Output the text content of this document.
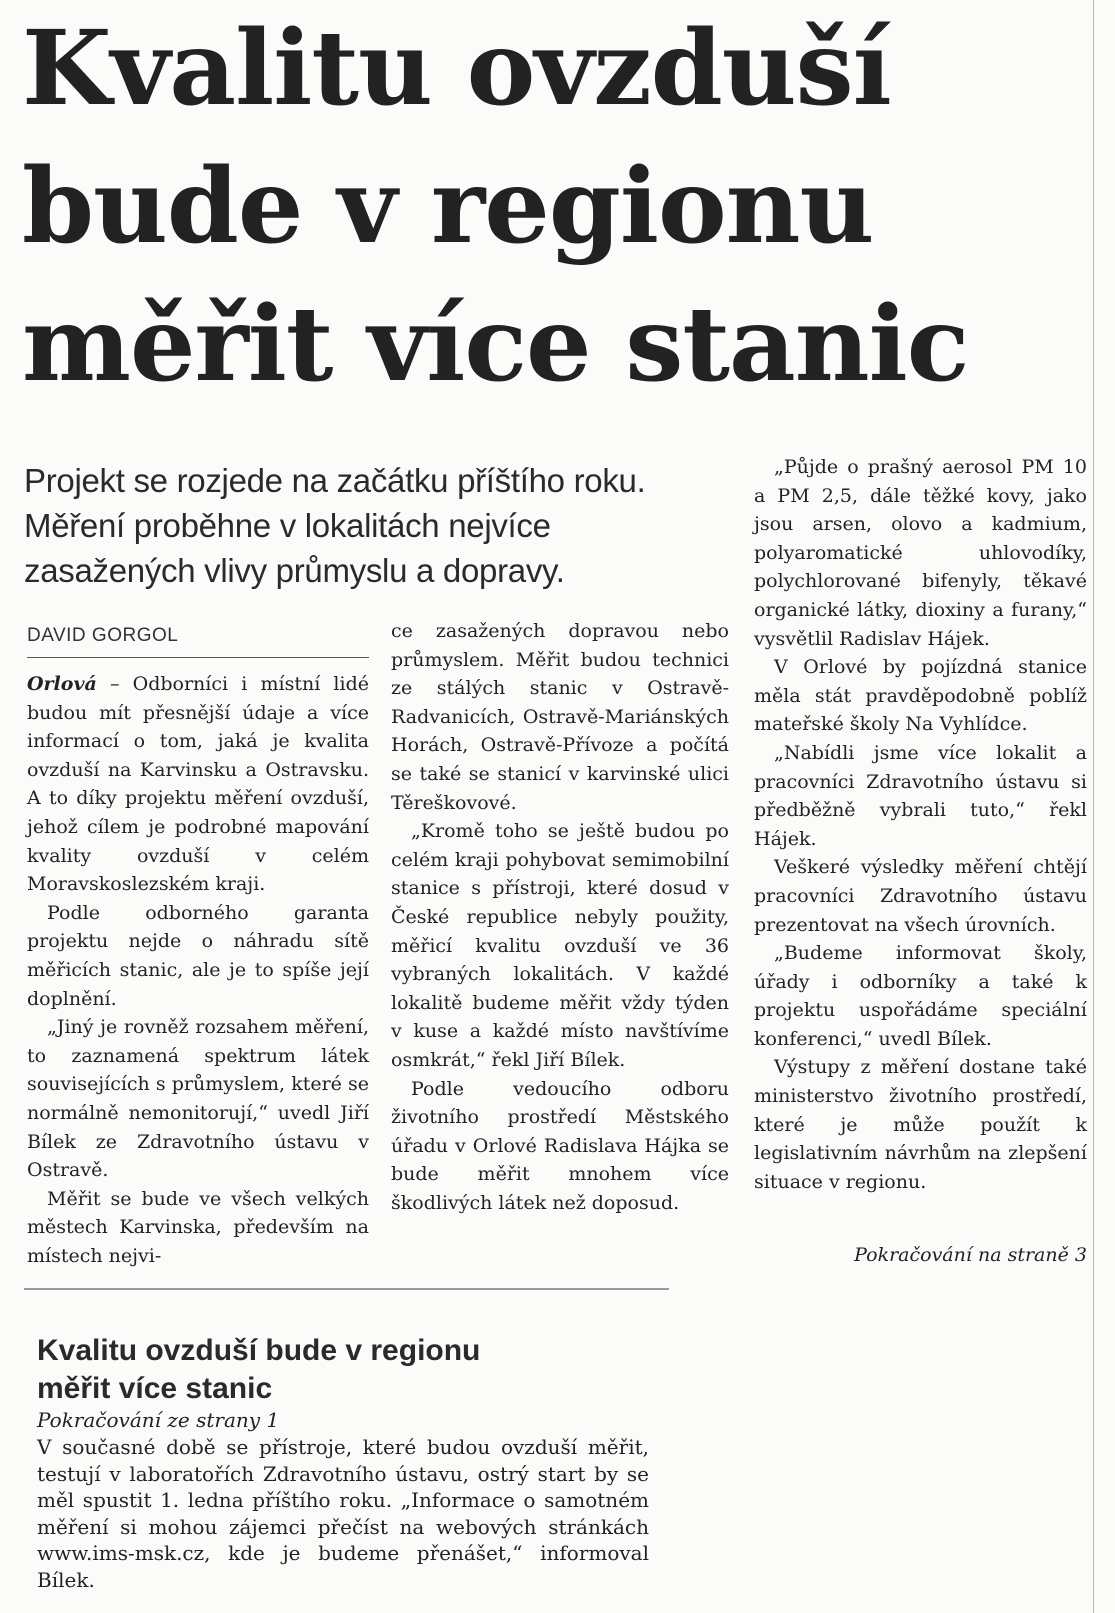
Kvalitu ovzduší
bude v regionu
měřit více stanic
Projekt se rozjede na začátku příštího roku.
Měření proběhne v lokalitách nejvíce
zasažených vlivy průmyslu a dopravy.
DAVID GORGOL

Orlová – Odborníci i místní lidé budou mít přesnější údaje a více informací o tom, jaká je kvalita ovzduší na Karvinsku a Ostravsku. A to díky projektu měření ovzduší, jehož cílem je podrobné mapování kvality ovzduší v celém Moravskoslezském kraji.

Podle odborného garanta projektu nejde o náhradu sítě měřicích stanic, ale je to spíše její doplnění.

„Jiný je rovněž rozsahem měření, to zaznamená spektrum látek souvisejících s průmyslem, které se normálně nemonitorují,“ uvedl Jiří Bílek ze Zdravotního ústavu v Ostravě.

Měřit se bude ve všech velkých městech Karvinska, především na místech nejvi-

ce zasažených dopravou nebo průmyslem. Měřit budou technici ze stálých stanic v Ostravě-Radvanicích, Ostravě-Mariánských Horách, Ostravě-Přívoze a počítá se také se stanicí v karvinské ulici Těreškovové.

„Kromě toho se ještě budou po celém kraji pohybovat semimobilní stanice s přístroji, které dosud v České republice nebyly použity, měřicí kvalitu ovzduší ve 36 vybraných lokalitách. V každé lokalitě budeme měřit vždy týden v kuse a každé místo navštívíme osmkrát,“ řekl Jiří Bílek.

Podle vedoucího odboru životního prostředí Městského úřadu v Orlové Radislava Hájka se bude měřit mnohem více škodlivých látek než doposud.

„Půjde o prašný aerosol PM 10 a PM 2,5, dále těžké kovy, jako jsou arsen, olovo a kadmium, polyaromatické uhlovodíky, polychlorované bifenyly, těkavé organické látky, dioxiny a furany,“ vysvětlil Radislav Hájek.

V Orlové by pojízdná stanice měla stát pravděpodobně poblíž mateřské školy Na Vyhlídce.

„Nabídli jsme více lokalit a pracovníci Zdravotního ústavu si předběžně vybrali tuto,“ řekl Hájek.

Veškeré výsledky měření chtějí pracovníci Zdravotního ústavu prezentovat na všech úrovních.

„Budeme informovat školy, úřady i odborníky a také k projektu uspořádáme speciální konferenci,“ uvedl Bílek.

Výstupy z měření dostane také ministerstvo životního prostředí, které je může použít k legislativním návrhům na zlepšení situace v regionu.

Pokračování na straně 3
Kvalitu ovzduší bude v regionu
měřit více stanic
Pokračování ze strany 1

V současné době se přístroje, které budou ovzduší měřit, testují v laboratořích Zdravotního ústavu, ostrý start by se měl spustit 1. ledna příštího roku. „Informace o samotném měření si mohou zájemci přečíst na webových stránkách www.ims-msk.cz, kde je budeme přenášet,“ informoval Bílek.
